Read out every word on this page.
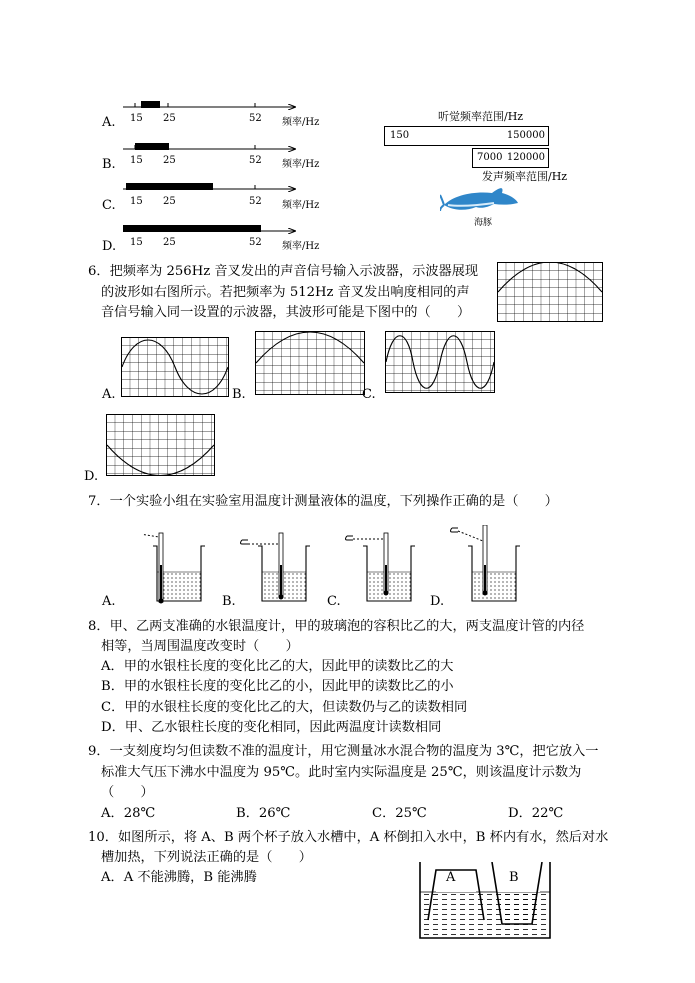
A.
B.
C.
D.
15 25	52 频率/Hz
15 25	52 频率/Hz
15 25	52 频率/Hz
15 25	52 频率/Hz
听觉频率范围/Hz
150	150000
7000 120000
发声频率范围/Hz
海豚
6．把频率为 256Hz 音叉发出的声音信号输入示波器，示波器展现
的波形如右图所示。若把频率为 512Hz 音叉发出响度相同的声
音信号输入同一设置的示波器，其波形可能是下图中的（　　）
A.	B.	C.
D.
7．一个实验小组在实验室用温度计测量液体的温度，下列操作正确的是（　　）
A.	B.	C.	D.
8．甲、乙两支准确的水银温度计，甲的玻璃泡的容积比乙的大，两支温度计管的内径
相等，当周围温度改变时（　　）
A．甲的水银柱长度的变化比乙的大，因此甲的读数比乙的大
B．甲的水银柱长度的变化比乙的小，因此甲的读数比乙的小
C．甲的水银柱长度的变化比乙的大，但读数仍与乙的读数相同
D．甲、乙水银柱长度的变化相同，因此两温度计读数相同
9．一支刻度均匀但读数不准的温度计，用它测量冰水混合物的温度为 3℃，把它放入一
标准大气压下沸水中温度为 95℃。此时室内实际温度是 25℃，则该温度计示数为
（　　）
A．28℃	B．26℃	C．25℃	D．22℃
10．如图所示，将 A、B 两个杯子放入水槽中，A 杯倒扣入水中，B 杯内有水，然后对水
槽加热，下列说法正确的是（　　）
A．A 不能沸腾，B 能沸腾	A	B
